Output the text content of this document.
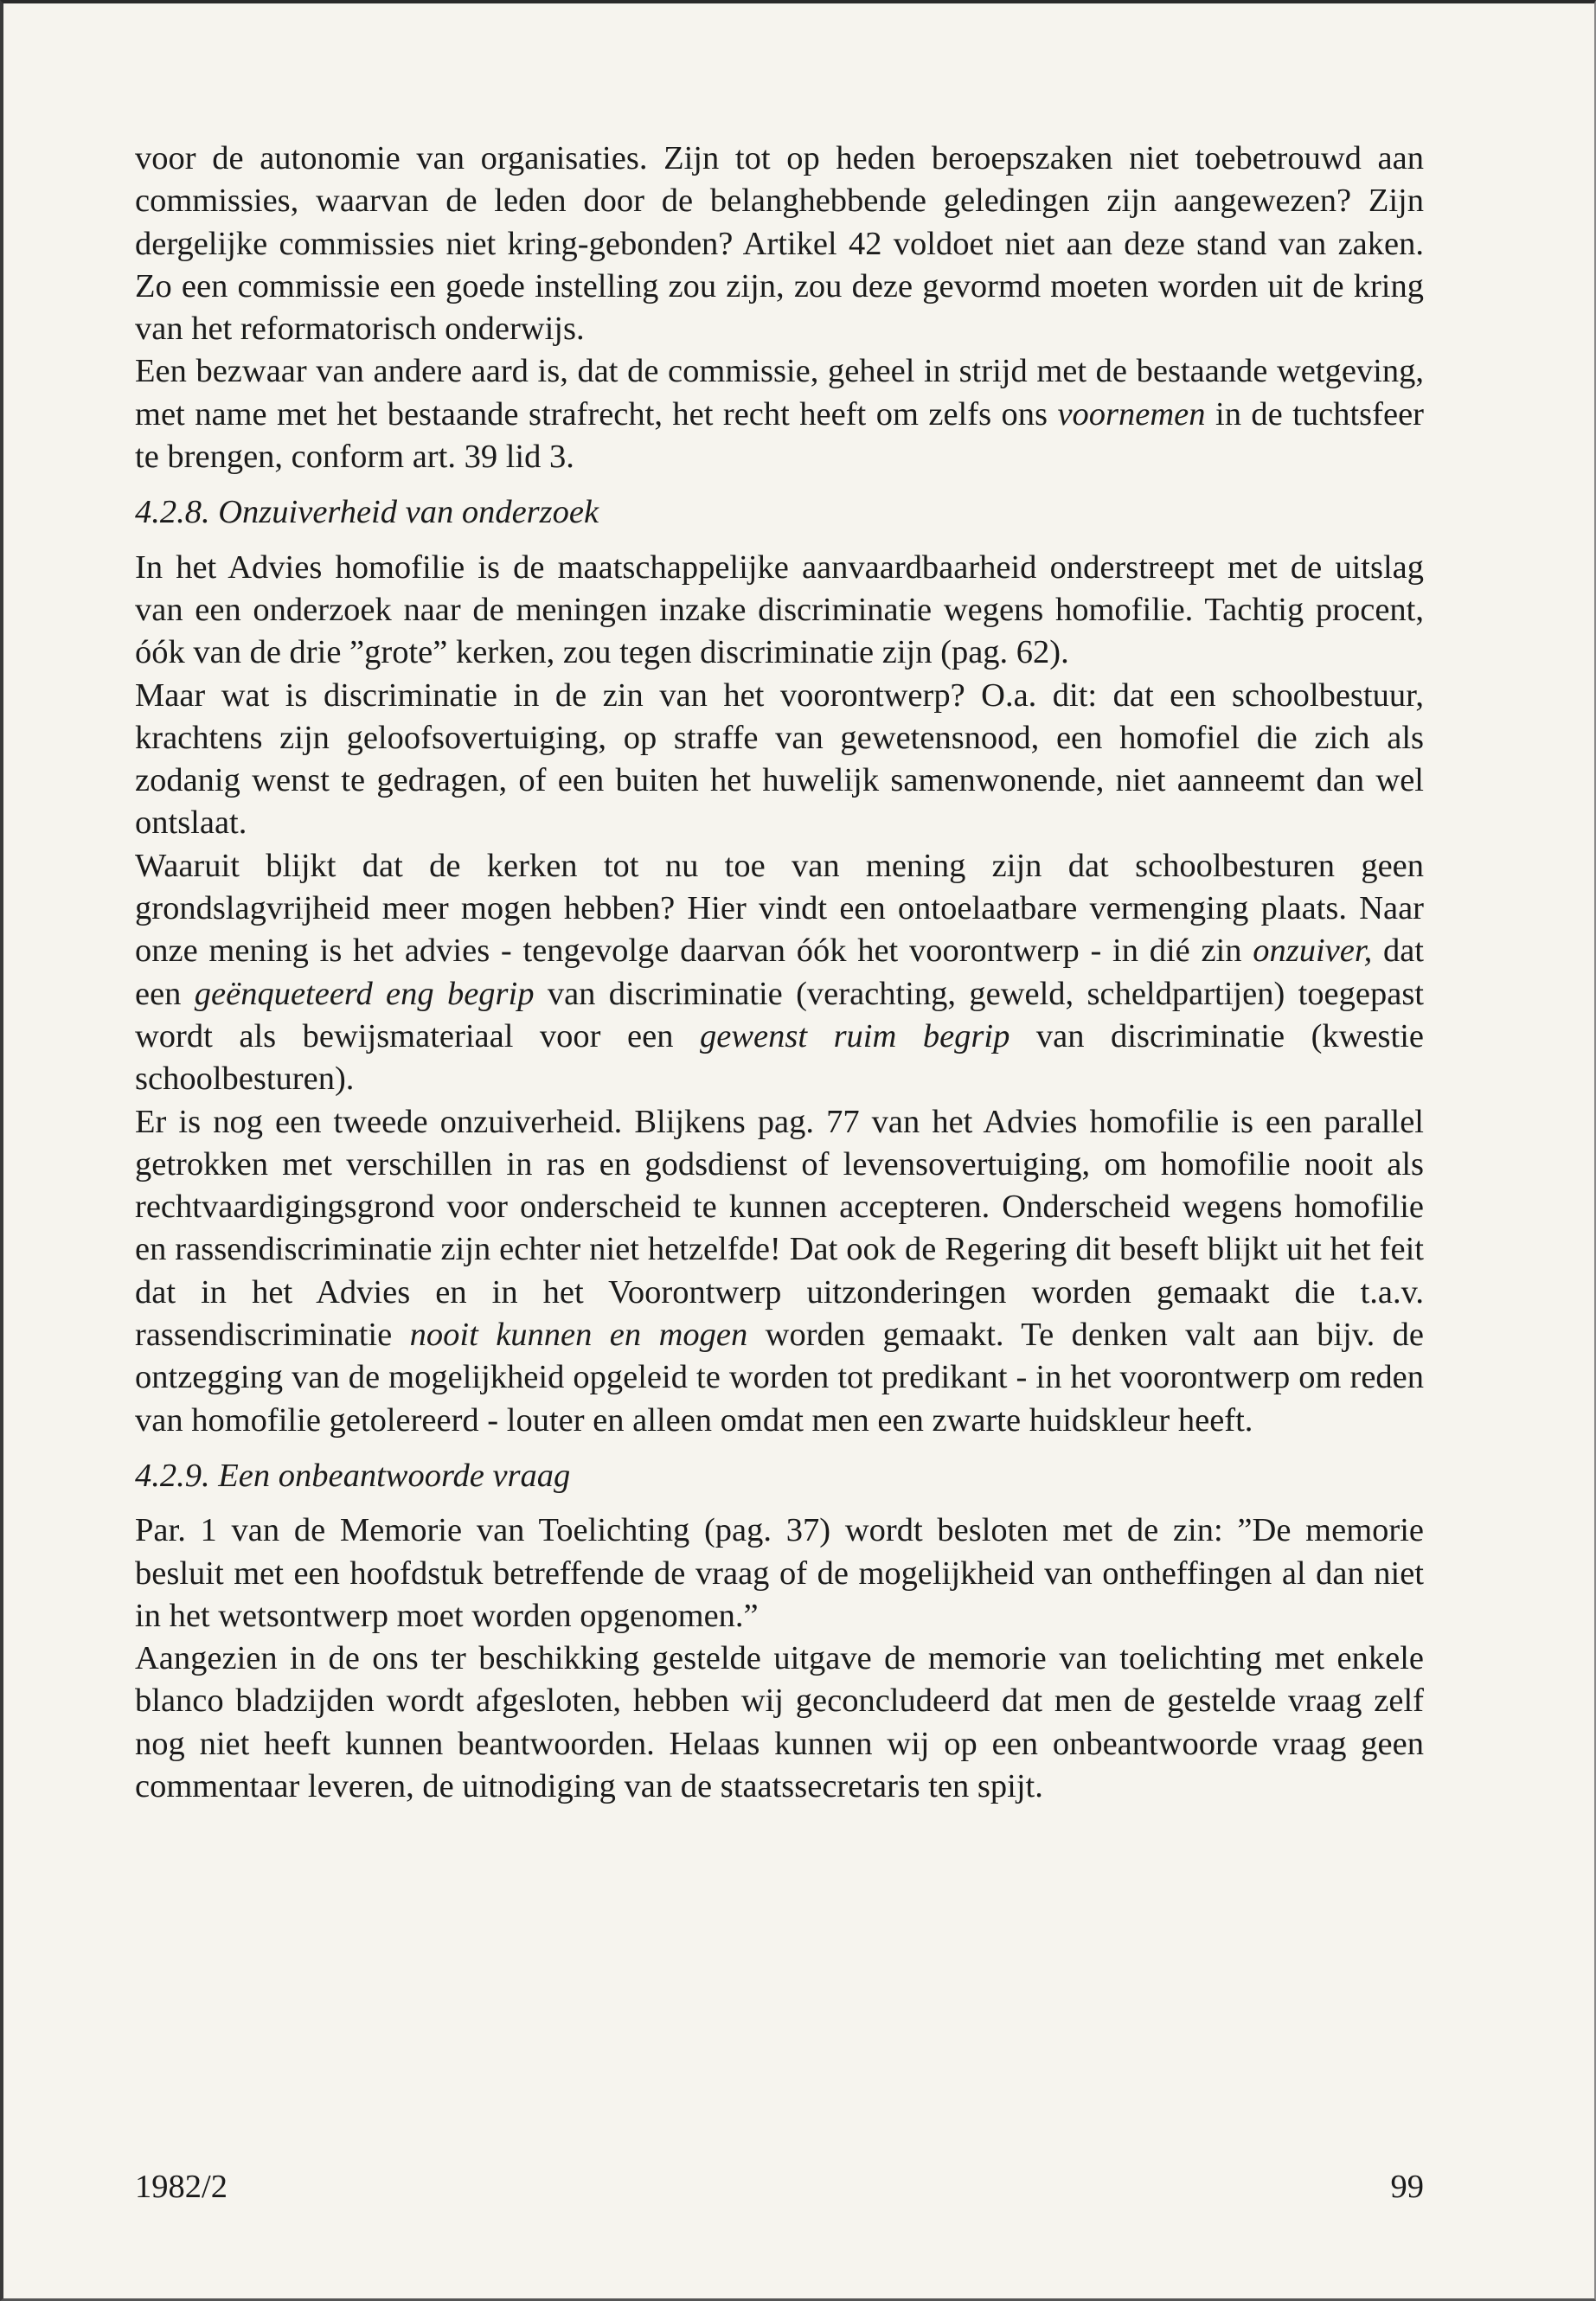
voor de autonomie van organisaties. Zijn tot op heden beroepszaken niet toebetrouwd aan commissies, waarvan de leden door de belanghebbende geledingen zijn aangewezen? Zijn dergelijke commissies niet kring-gebonden? Artikel 42 voldoet niet aan deze stand van zaken. Zo een commissie een goede instelling zou zijn, zou deze gevormd moeten worden uit de kring van het reformatorisch onderwijs.

Een bezwaar van andere aard is, dat de commissie, geheel in strijd met de bestaande wetgeving, met name met het bestaande strafrecht, het recht heeft om zelfs ons voornemen in de tuchtsfeer te brengen, conform art. 39 lid 3.

4.2.8. Onzuiverheid van onderzoek

In het Advies homofilie is de maatschappelijke aanvaardbaarheid onderstreept met de uitslag van een onderzoek naar de meningen inzake discriminatie wegens homofilie. Tachtig procent, óók van de drie ”grote” kerken, zou tegen discriminatie zijn (pag. 62).

Maar wat is discriminatie in de zin van het voorontwerp? O.a. dit: dat een schoolbestuur, krachtens zijn geloofsovertuiging, op straffe van gewetensnood, een homofiel die zich als zodanig wenst te gedragen, of een buiten het huwelijk samenwonende, niet aanneemt dan wel ontslaat.

Waaruit blijkt dat de kerken tot nu toe van mening zijn dat schoolbesturen geen grondslagvrijheid meer mogen hebben? Hier vindt een ontoelaatbare vermenging plaats. Naar onze mening is het advies - tengevolge daarvan óók het voorontwerp - in dié zin onzuiver, dat een geënqueteerd eng begrip van discriminatie (verachting, geweld, scheldpartijen) toegepast wordt als bewijsmateriaal voor een gewenst ruim begrip van discriminatie (kwestie schoolbesturen).

Er is nog een tweede onzuiverheid. Blijkens pag. 77 van het Advies homofilie is een parallel getrokken met verschillen in ras en godsdienst of levensovertuiging, om homofilie nooit als rechtvaardigingsgrond voor onderscheid te kunnen accepteren. Onderscheid wegens homofilie en rassendiscriminatie zijn echter niet hetzelfde! Dat ook de Regering dit beseft blijkt uit het feit dat in het Advies en in het Voorontwerp uitzonderingen worden gemaakt die t.a.v. rassendiscriminatie nooit kunnen en mogen worden gemaakt. Te denken valt aan bijv. de ontzegging van de mogelijkheid opgeleid te worden tot predikant - in het voorontwerp om reden van homofilie getolereerd - louter en alleen omdat men een zwarte huidskleur heeft.

4.2.9. Een onbeantwoorde vraag

Par. 1 van de Memorie van Toelichting (pag. 37) wordt besloten met de zin: ”De memorie besluit met een hoofdstuk betreffende de vraag of de mogelijkheid van ontheffingen al dan niet in het wetsontwerp moet worden opgenomen.”

Aangezien in de ons ter beschikking gestelde uitgave de memorie van toelichting met enkele blanco bladzijden wordt afgesloten, hebben wij geconcludeerd dat men de gestelde vraag zelf nog niet heeft kunnen beantwoorden. Helaas kunnen wij op een onbeantwoorde vraag geen commentaar leveren, de uitnodiging van de staatssecretaris ten spijt.

1982/2	99
